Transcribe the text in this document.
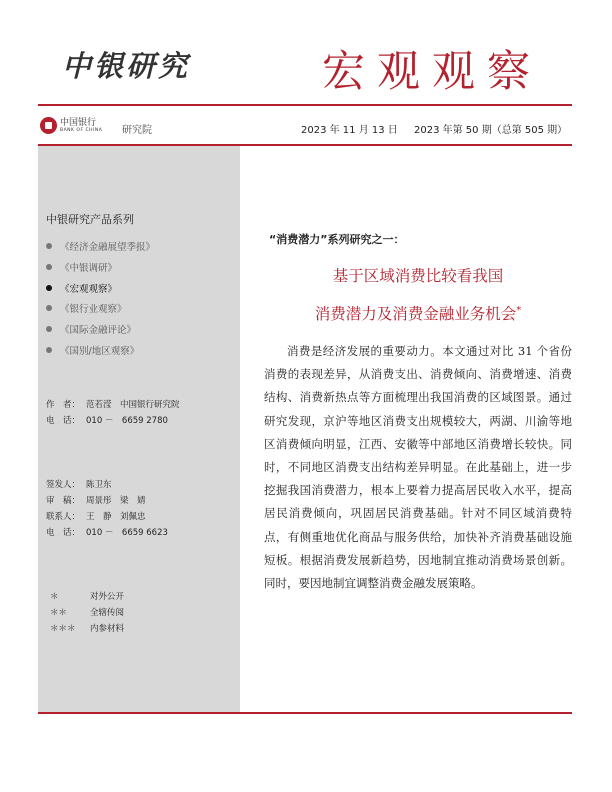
中银研究	宏观观察
中国银行
BANK OF CHINA 研究院	2023 年 11 月 13 日 2023 年第 50 期（总第 505 期）
中银研究产品系列
《经济金融展望季报》
《中银调研》
《宏观观察》
《银行业观察》
《国际金融评论》
《国别/地区观察》
作　者： 范若滢　中国银行研究院
电　话： 010 －　6659 2780
签发人： 陈卫东
审　稿： 周景彤　梁　婧
联系人： 王　静　刘佩忠
电　话： 010 －　6659 6623
＊	对外公开
＊＊	全辖传阅
＊＊＊ 内参材料
“消费潜力”系列研究之一：
基于区域消费比较看我国
消费潜力及消费金融业务机会*

消费是经济发展的重要动力。本文通过对比 31 个省份消费的表现差异，从消费支出、消费倾向、消费增速、消费结构、消费新热点等方面梳理出我国消费的区域图景。通过研究发现，京沪等地区消费支出规模较大，两湖、川渝等地区消费倾向明显，江西、安徽等中部地区消费增长较快。同时，不同地区消费支出结构差异明显。在此基础上，进一步挖掘我国消费潜力，根本上要着力提高居民收入水平，提高居民消费倾向，巩固居民消费基础。针对不同区域消费特点，有侧重地优化商品与服务供给，加快补齐消费基础设施短板。根据消费发展新趋势，因地制宜推动消费场景创新。同时，要因地制宜调整消费金融发展策略。
